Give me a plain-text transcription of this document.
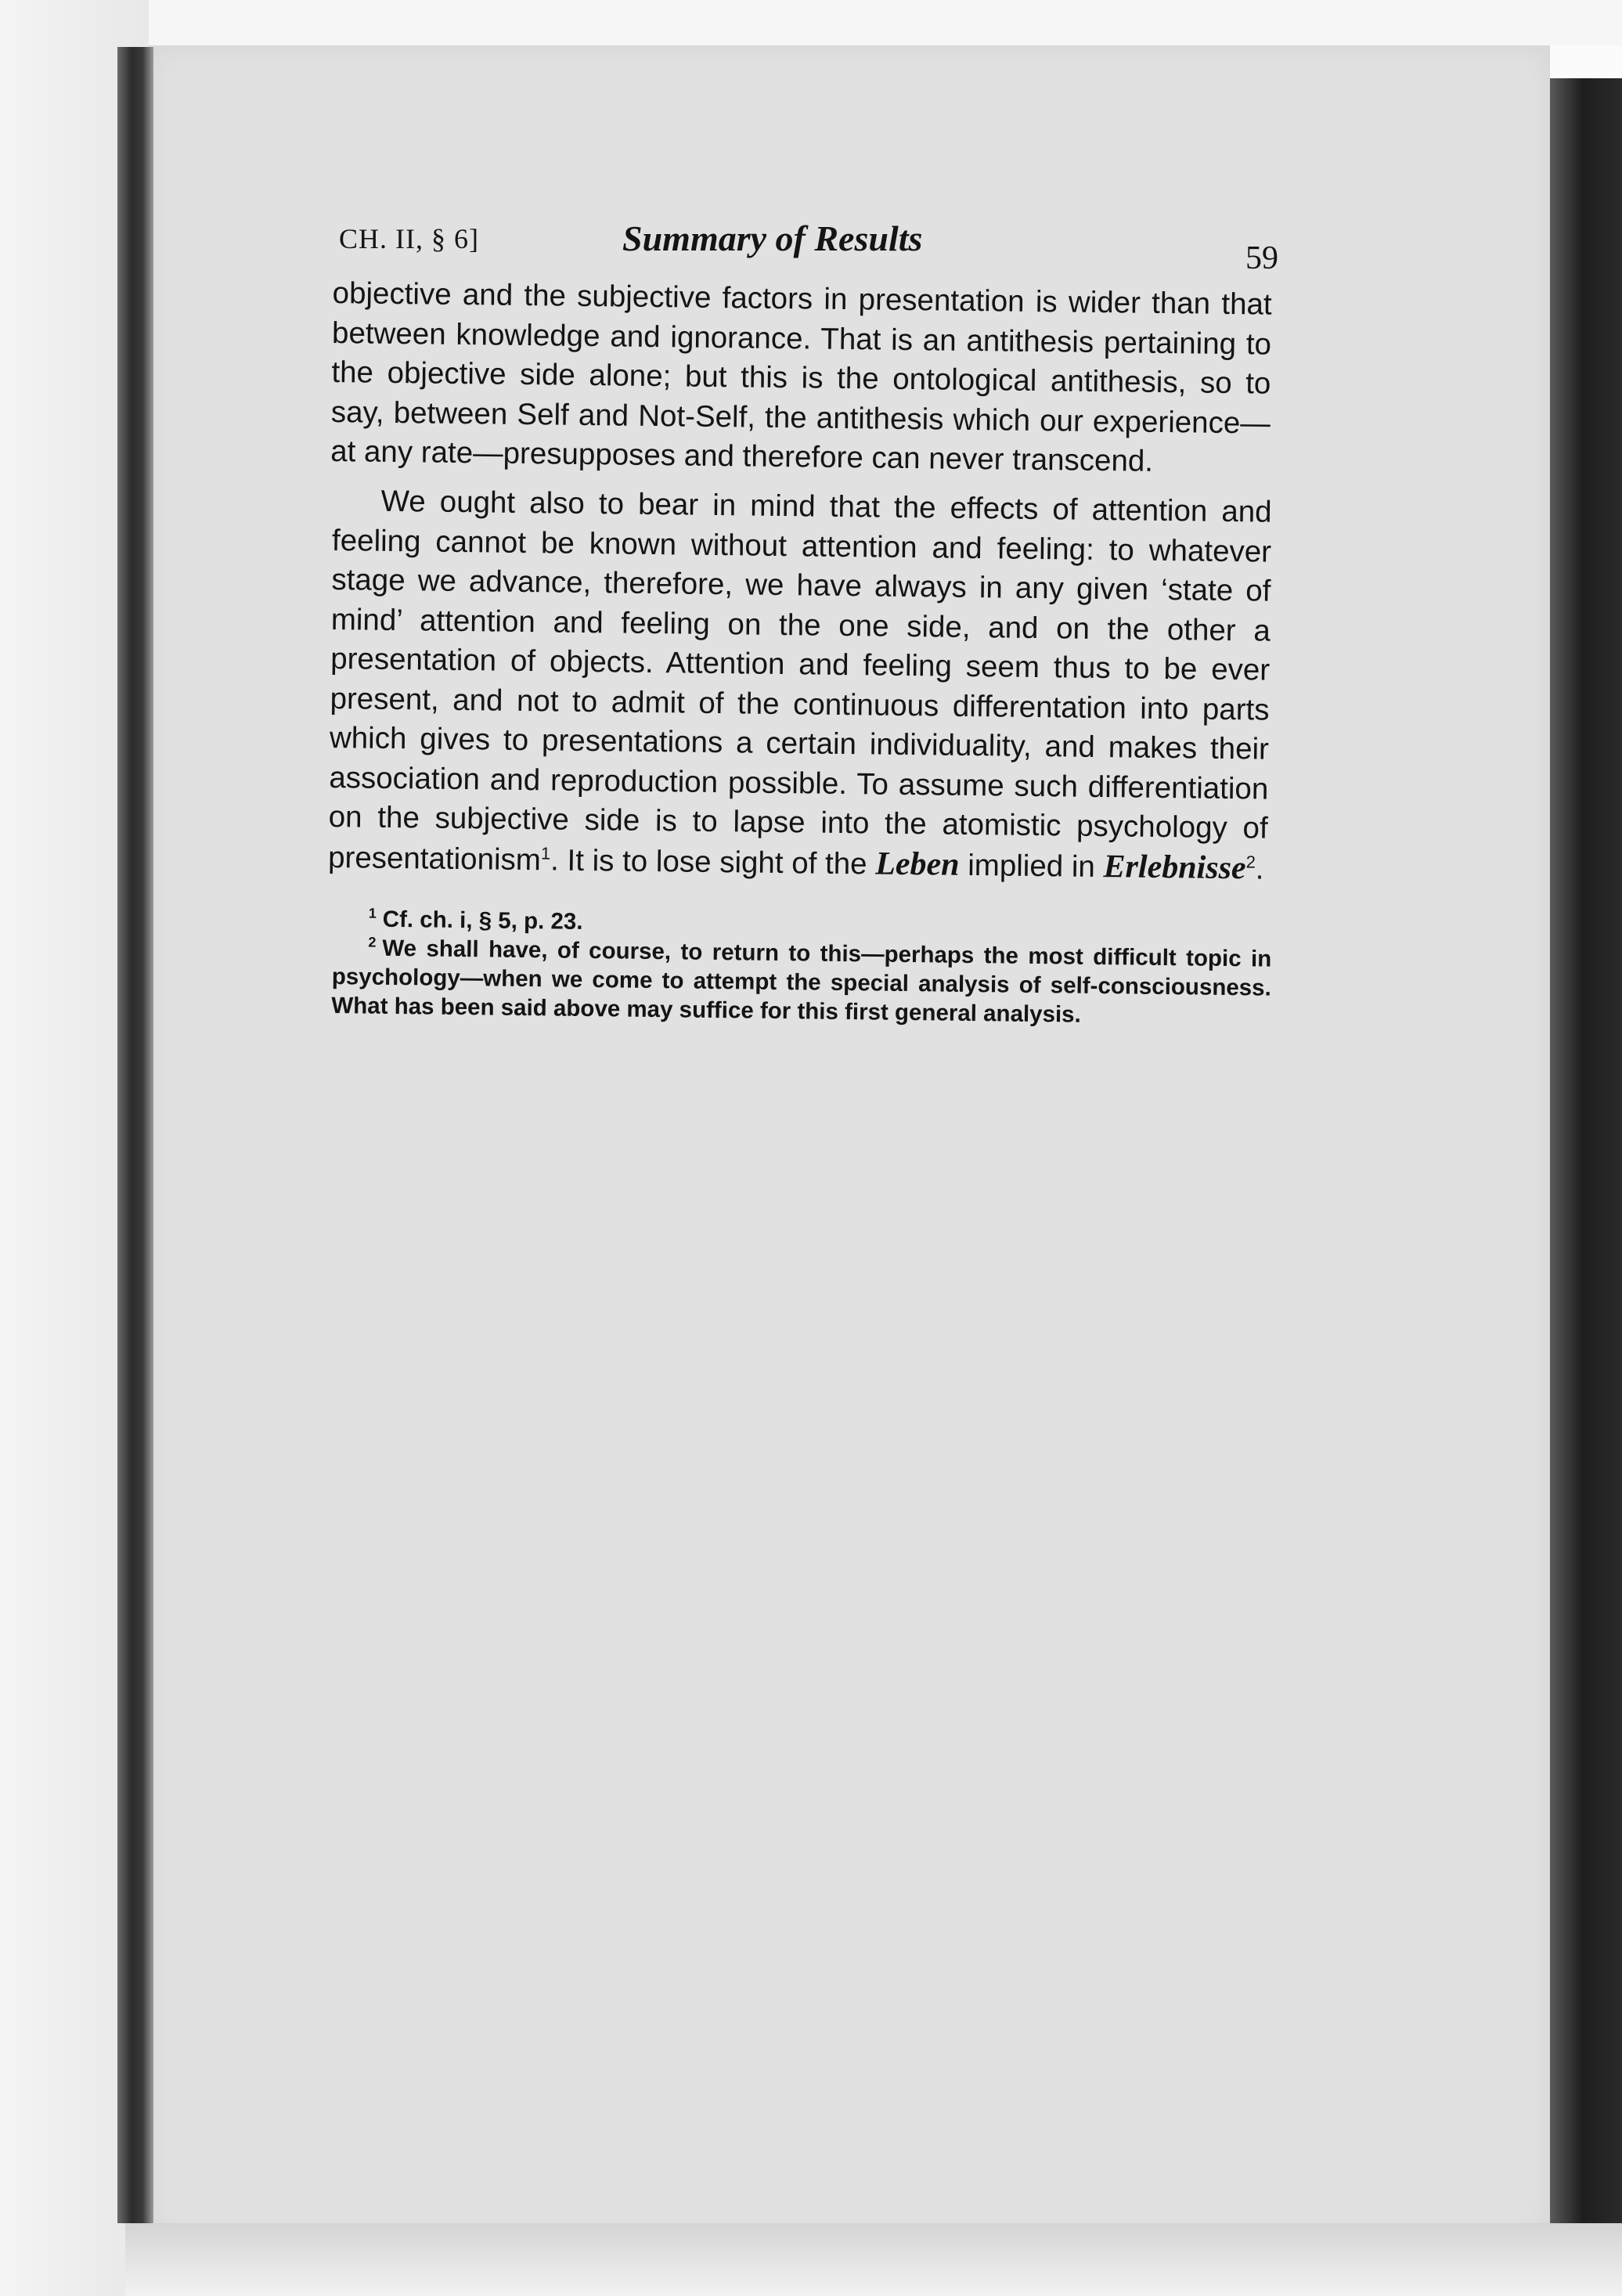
CH. II, § 6]	Summary of Results	59

objective and the subjective factors in presentation is wider than that between knowledge and ignorance. That is an antithesis pertaining to the objective side alone; but this is the ontological antithesis, so to say, between Self and Not-Self, the antithesis which our experience—at any rate—presupposes and therefore can never transcend.

We ought also to bear in mind that the effects of attention and feeling cannot be known without attention and feeling: to whatever stage we advance, therefore, we have always in any given ‘state of mind’ attention and feeling on the one side, and on the other a presentation of objects. Attention and feeling seem thus to be ever present, and not to admit of the continuous differentation into parts which gives to presentations a certain individuality, and makes their association and reproduction possible. To assume such differentiation on the subjective side is to lapse into the atomistic psychology of presentationism$^1$. It is to lose sight of the Leben implied in Erlebnisse$^2$.

$^1$ Cf. ch. i, § 5, p. 23.

$^2$ We shall have, of course, to return to this—perhaps the most difficult topic in psychology—when we come to attempt the special analysis of self-consciousness. What has been said above may suffice for this first general analysis.
